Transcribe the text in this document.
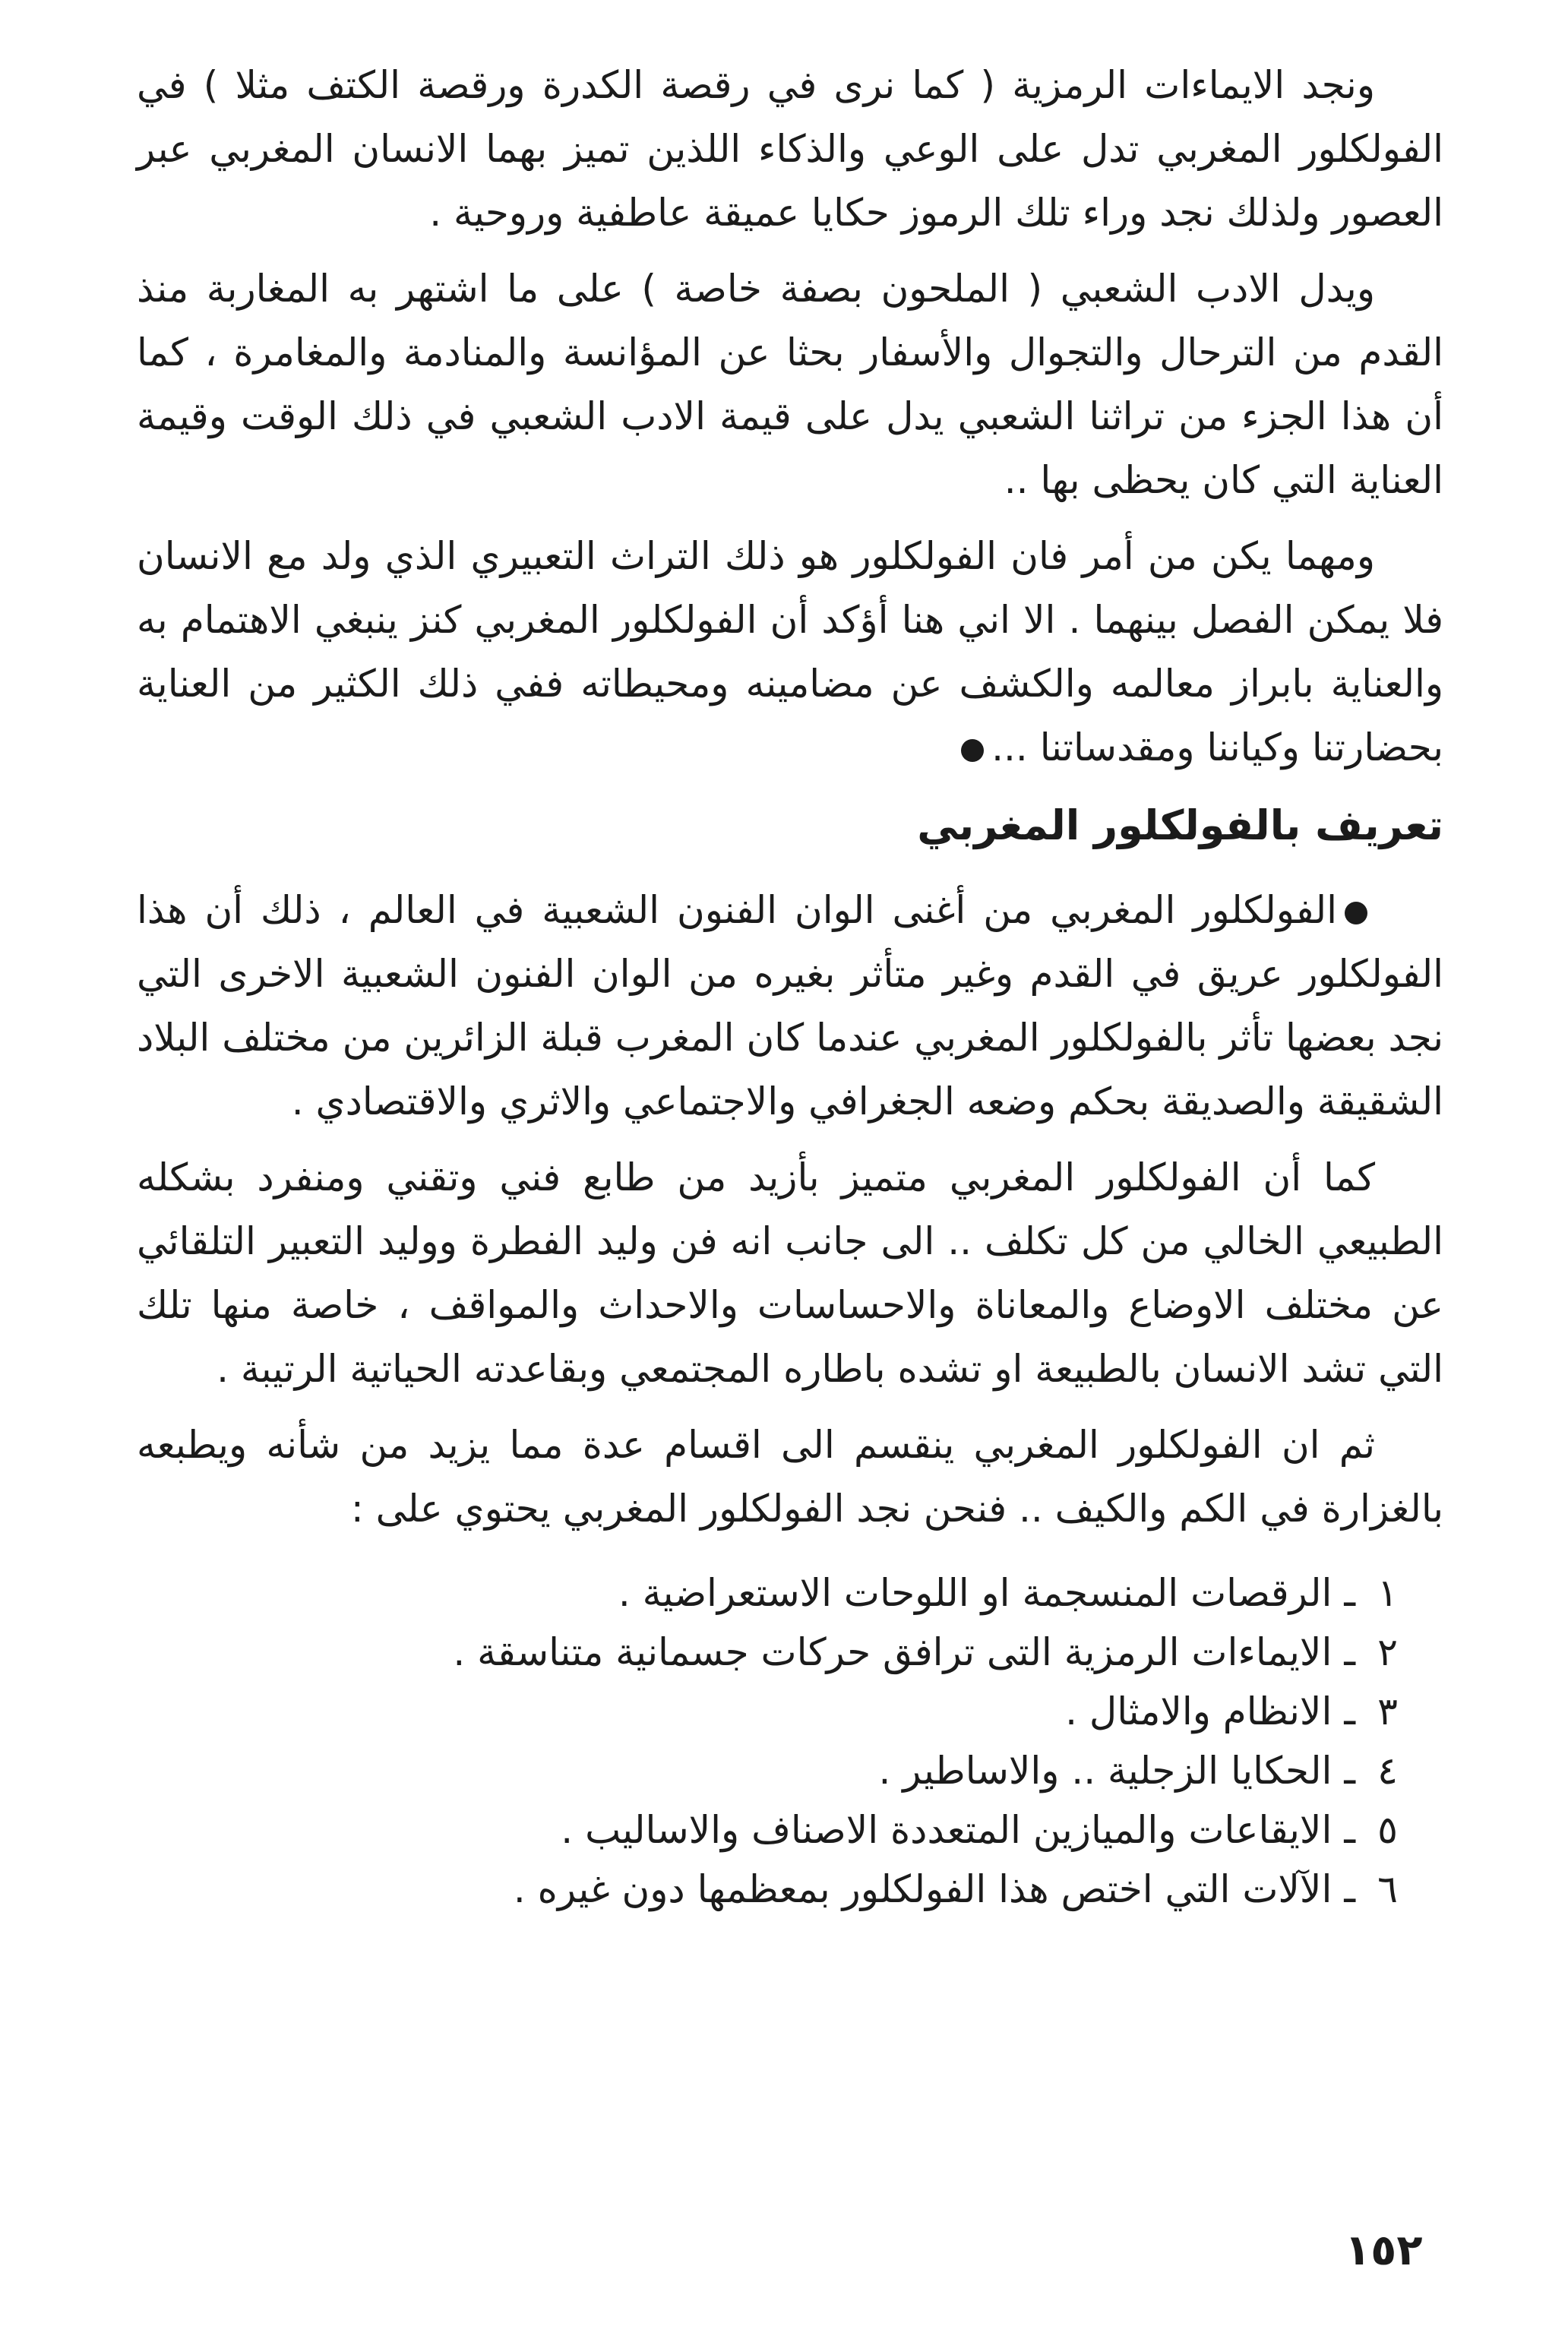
ونجد الايماءات الرمزية ( كما نرى في رقصة الكدرة ورقصة الكتف مثلا ) في الفولكلور المغربي تدل على الوعي والذكاء اللذين تميز بهما الانسان المغربي عبر العصور ولذلك نجد وراء تلك الرموز حكايا عميقة عاطفية وروحية .

ويدل الادب الشعبي ( الملحون بصفة خاصة ) على ما اشتهر به المغاربة منذ القدم من الترحال والتجوال والأسفار بحثا عن المؤانسة والمنادمة والمغامرة ، كما أن هذا الجزء من تراثنا الشعبي يدل على قيمة الادب الشعبي في ذلك الوقت وقيمة العناية التي كان يحظى بها ..

ومهما يكن من أمر فان الفولكلور هو ذلك التراث التعبيري الذي ولد مع الانسان فلا يمكن الفصل بينهما . الا اني هنا أؤكد أن الفولكلور المغربي كنز ينبغي الاهتمام به والعناية بابراز معالمه والكشف عن مضامينه ومحيطاته ففي ذلك الكثير من العناية بحضارتنا وكياننا ومقدساتنا ...

تعريف بالفولكلور المغربي

الفولكلور المغربي من أغنى الوان الفنون الشعبية في العالم ، ذلك أن هذا الفولكلور عريق في القدم وغير متأثر بغيره من الوان الفنون الشعبية الاخرى التي نجد بعضها تأثر بالفولكلور المغربي عندما كان المغرب قبلة الزائرين من مختلف البلاد الشقيقة والصديقة بحكم وضعه الجغرافي والاجتماعي والاثري والاقتصادي .

كما أن الفولكلور المغربي متميز بأزيد من طابع فني وتقني ومنفرد بشكله الطبيعي الخالي من كل تكلف .. الى جانب انه فن وليد الفطرة ووليد التعبير التلقائي عن مختلف الاوضاع والمعاناة والاحساسات والاحداث والمواقف ، خاصة منها تلك التي تشد الانسان بالطبيعة او تشده باطاره المجتمعي وبقاعدته الحياتية الرتيبة .

ثم ان الفولكلور المغربي ينقسم الى اقسام عدة مما يزيد من شأنه ويطبعه بالغزارة في الكم والكيف .. فنحن نجد الفولكلور المغربي يحتوي على :

١ـالرقصات المنسجمة او اللوحات الاستعراضية .
٢ـالايماءات الرمزية التى ترافق حركات جسمانية متناسقة .
٣ـالانظام والامثال .
٤ـالحكايا الزجلية .. والاساطير .
٥ـالايقاعات والميازين المتعددة الاصناف والاساليب .
٦ـالآلات التي اختص هذا الفولكلور بمعظمها دون غيره .
١٥٢
